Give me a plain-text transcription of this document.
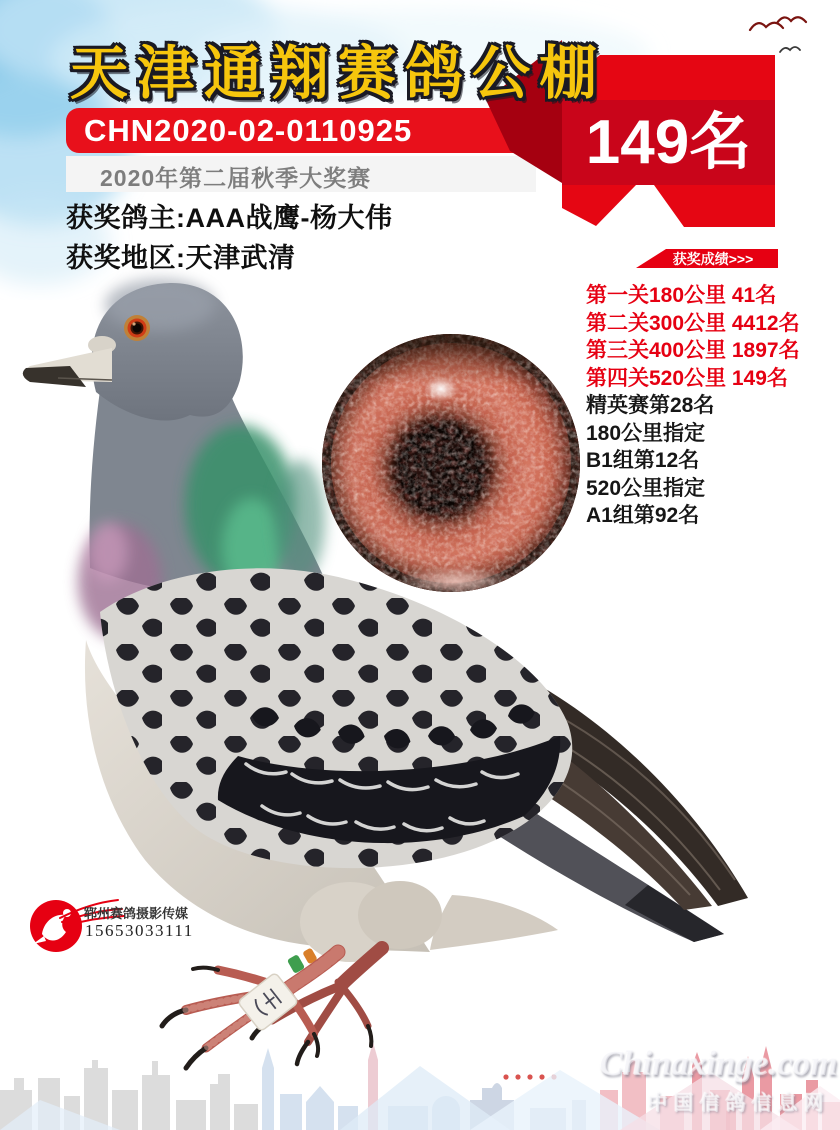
郓州赛鸽摄影传媒
15653033111
天津通翔赛鸽公棚
CHN2020-02-0110925	149名
2020年第二届秋季大奖赛
获奖鸽主:AAA战鹰-杨大伟
获奖地区:天津武清	获奖成绩>>>
第一关180公里 41名
第二关300公里 4412名
第三关400公里 1897名
第四关520公里 149名
精英赛第28名
180公里指定
B1组第12名
520公里指定
A1组第92名
Chinaxinge.com
中国信鸽信息网
